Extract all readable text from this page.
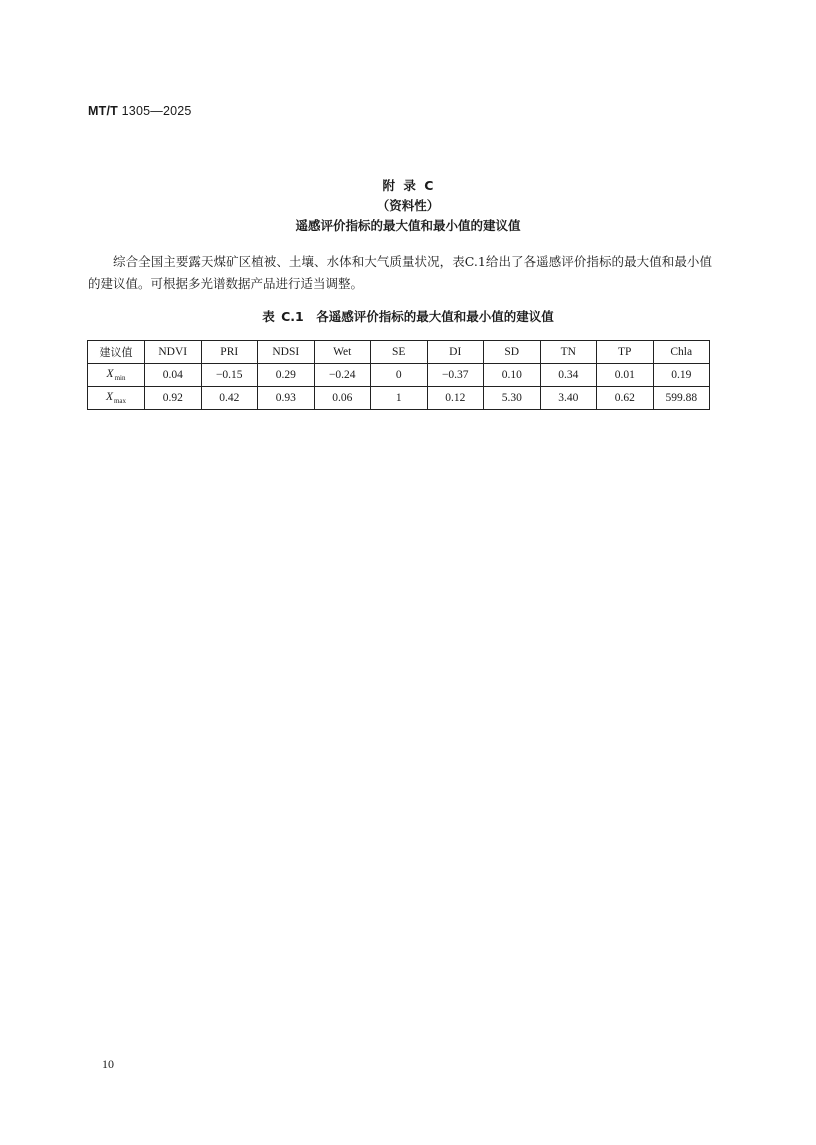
MT/T 1305—2025
附 录 C
（资料性）
遥感评价指标的最大值和最小值的建议值
综合全国主要露天煤矿区植被、土壤、水体和大气质量状况，表C.1给出了各遥感评价指标的最大值和最小值的建议值。可根据多光谱数据产品进行适当调整。
表 C.1　各遥感评价指标的最大值和最小值的建议值
建议值	NDVI	PRI	NDSI	Wet	SE	DI	SD	TN	TP	Chla
$X_{min}$	0.04	−0.15	0.29	−0.24	0	−0.37	0.10	0.34	0.01	0.19
$X_{max}$	0.92	0.42	0.93	0.06	1	0.12	5.30	3.40	0.62	599.88
10
